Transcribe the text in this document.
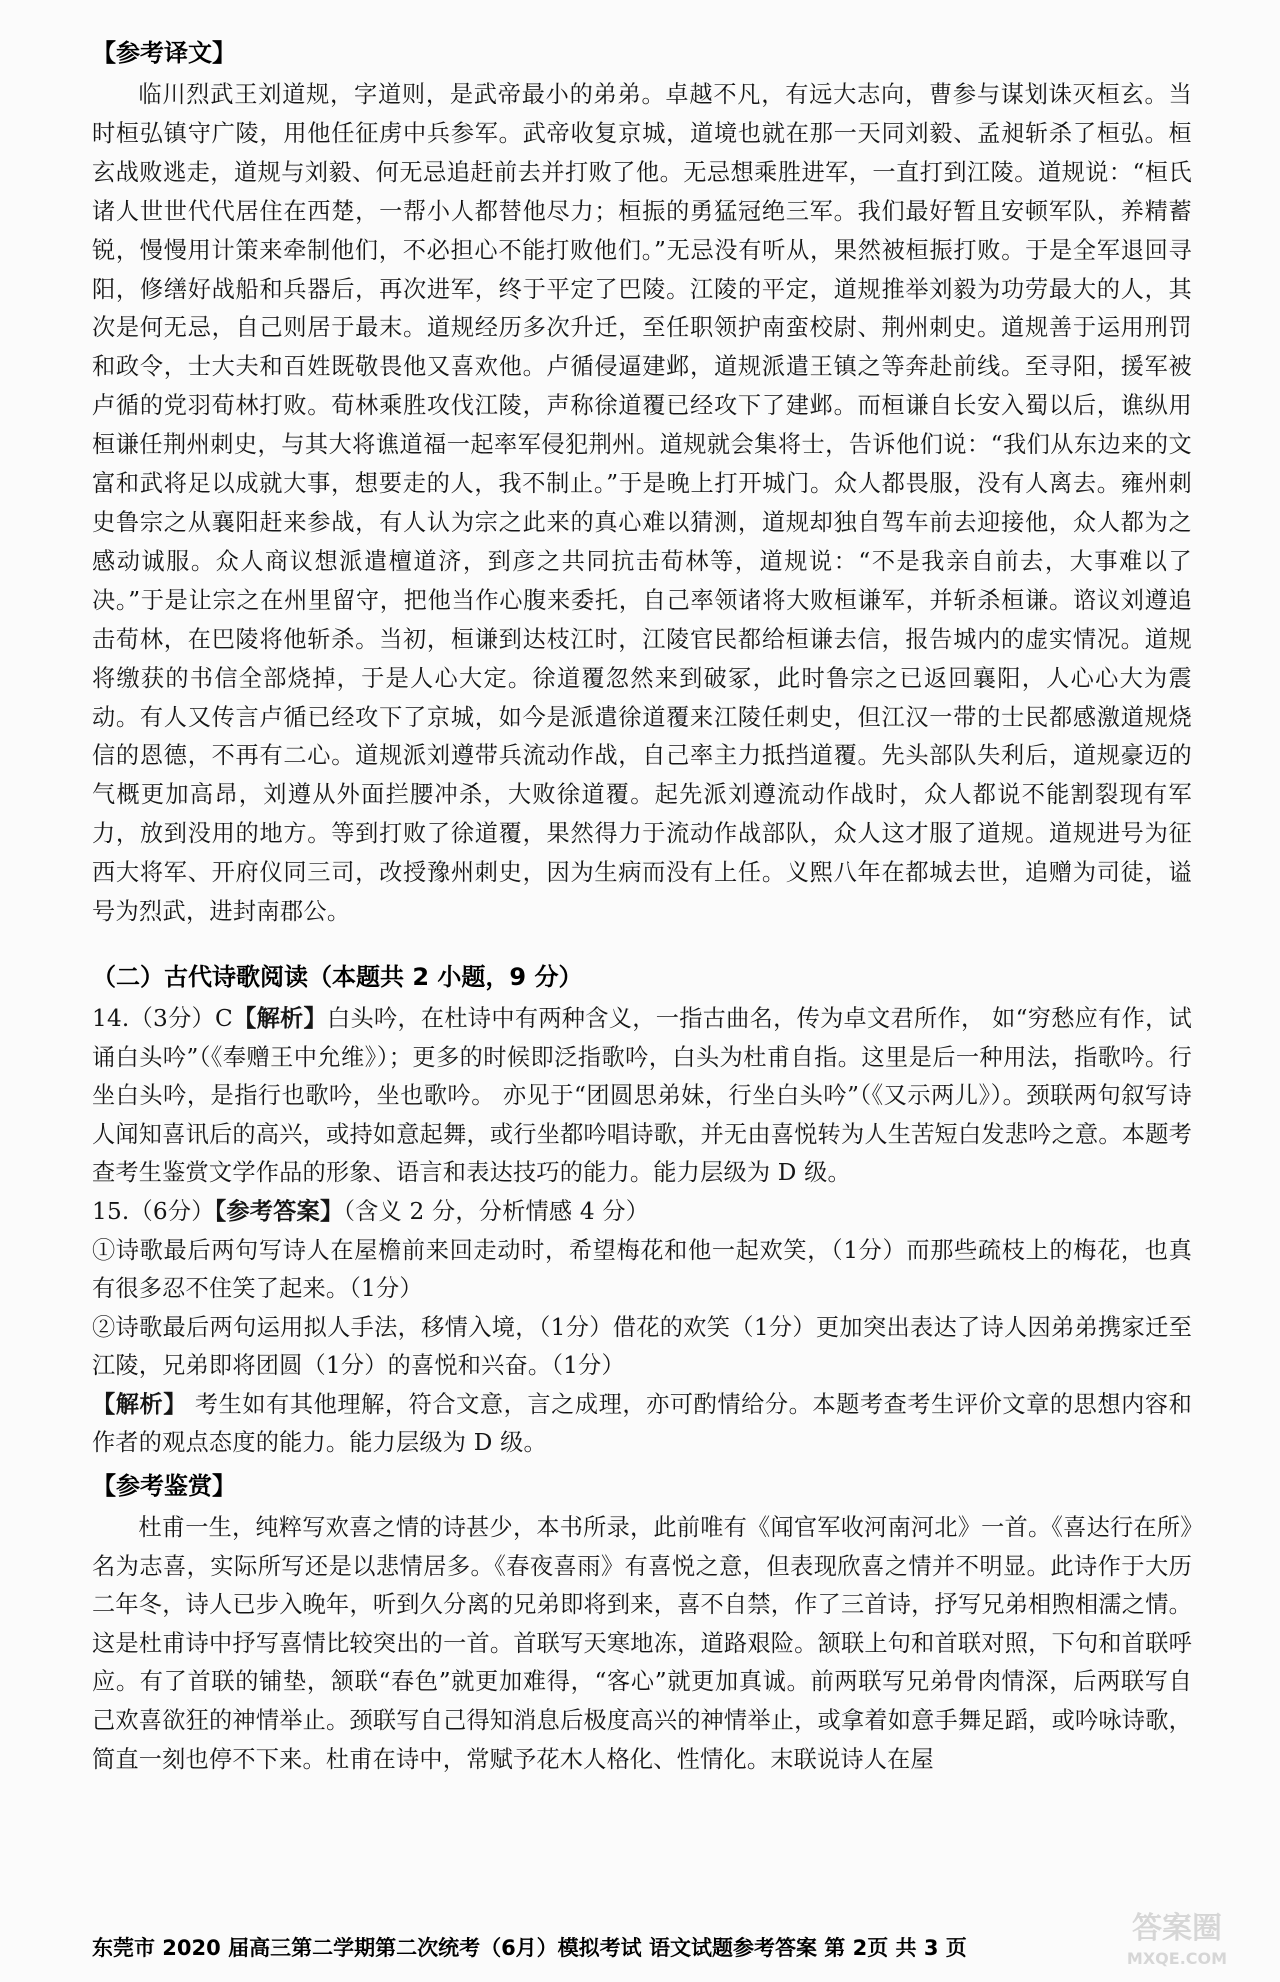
【参考译文】

临川烈武王刘道规，字道则，是武帝最小的弟弟。卓越不凡，有远大志向，曹参与谋划诛灭桓玄。当时桓弘镇守广陵，用他任征虏中兵参军。武帝收复京城，道境也就在那一天同刘毅、孟昶斩杀了桓弘。桓玄战败逃走，道规与刘毅、何无忌追赶前去并打败了他。无忌想乘胜进军，一直打到江陵。道规说：“桓氏诸人世世代代居住在西楚，一帮小人都替他尽力；桓振的勇猛冠绝三军。我们最好暂且安顿军队，养精蓄锐，慢慢用计策来牵制他们，不必担心不能打败他们。”无忌没有听从，果然被桓振打败。于是全军退回寻阳，修缮好战船和兵器后，再次进军，终于平定了巴陵。江陵的平定，道规推举刘毅为功劳最大的人，其次是何无忌，自己则居于最末。道规经历多次升迁，至任职领护南蛮校尉、荆州刺史。道规善于运用刑罚和政令，士大夫和百姓既敬畏他又喜欢他。卢循侵逼建邺，道规派遣王镇之等奔赴前线。至寻阳，援军被卢循的党羽荀林打败。荀林乘胜攻伐江陵，声称徐道覆已经攻下了建邺。而桓谦自长安入蜀以后，谯纵用桓谦任荆州刺史，与其大将谯道福一起率军侵犯荆州。道规就会集将士，告诉他们说：“我们从东边来的文富和武将足以成就大事，想要走的人，我不制止。”于是晚上打开城门。众人都畏服，没有人离去。雍州刺史鲁宗之从襄阳赶来参战，有人认为宗之此来的真心难以猜测，道规却独自驾车前去迎接他，众人都为之感动诚服。众人商议想派遣檀道济，到彦之共同抗击荀林等，道规说：“不是我亲自前去，大事难以了决。”于是让宗之在州里留守，把他当作心腹来委托，自己率领诸将大败桓谦军，并斩杀桓谦。谘议刘遵追击荀林，在巴陵将他斩杀。当初，桓谦到达枝江时，江陵官民都给桓谦去信，报告城内的虚实情况。道规将缴获的书信全部烧掉，于是人心大定。徐道覆忽然来到破冢，此时鲁宗之已返回襄阳，人心心大为震动。有人又传言卢循已经攻下了京城，如今是派遣徐道覆来江陵任刺史，但江汉一带的士民都感激道规烧信的恩德，不再有二心。道规派刘遵带兵流动作战，自己率主力抵挡道覆。先头部队失利后，道规豪迈的气概更加高昂，刘遵从外面拦腰冲杀，大败徐道覆。起先派刘遵流动作战时，众人都说不能割裂现有军力，放到没用的地方。等到打败了徐道覆，果然得力于流动作战部队，众人这才服了道规。道规进号为征西大将军、开府仪同三司，改授豫州刺史，因为生病而没有上任。义熙八年在都城去世，追赠为司徒，谥号为烈武，进封南郡公。

（二）古代诗歌阅读（本题共 2 小题，9 分）

14.（3分）C【解析】白头吟，在杜诗中有两种含义，一指古曲名，传为卓文君所作， 如“穷愁应有作，试诵白头吟”（《奉赠王中允维》）；更多的时候即泛指歌吟，白头为杜甫自指。这里是后一种用法，指歌吟。行坐白头吟，是指行也歌吟，坐也歌吟。 亦见于“团圆思弟妹，行坐白头吟”（《又示两儿》）。颈联两句叙写诗人闻知喜讯后的高兴，或持如意起舞，或行坐都吟唱诗歌，并无由喜悦转为人生苦短白发悲吟之意。本题考查考生鉴赏文学作品的形象、语言和表达技巧的能力。能力层级为 D 级。

15.（6分）【参考答案】（含义 2 分，分析情感 4 分）

①诗歌最后两句写诗人在屋檐前来回走动时，希望梅花和他一起欢笑，（1分）而那些疏枝上的梅花，也真有很多忍不住笑了起来。（1分）

②诗歌最后两句运用拟人手法，移情入境，（1分）借花的欢笑（1分）更加突出表达了诗人因弟弟携家迁至江陵，兄弟即将团圆（1分）的喜悦和兴奋。（1分）

【解析】 考生如有其他理解，符合文意，言之成理，亦可酌情给分。本题考查考生评价文章的思想内容和作者的观点态度的能力。能力层级为 D 级。

【参考鉴赏】

杜甫一生，纯粹写欢喜之情的诗甚少，本书所录，此前唯有《闻官军收河南河北》一首。《喜达行在所》名为志喜，实际所写还是以悲情居多。《春夜喜雨》有喜悦之意，但表现欣喜之情并不明显。此诗作于大历二年冬，诗人已步入晚年，听到久分离的兄弟即将到来，喜不自禁，作了三首诗，抒写兄弟相煦相濡之情。这是杜甫诗中抒写喜情比较突出的一首。首联写天寒地冻，道路艰险。颔联上句和首联对照，下句和首联呼应。有了首联的铺垫，颔联“春色”就更加难得，“客心”就更加真诚。前两联写兄弟骨肉情深，后两联写自己欢喜欲狂的神情举止。颈联写自己得知消息后极度高兴的神情举止，或拿着如意手舞足蹈，或吟咏诗歌，简直一刻也停不下来。杜甫在诗中，常赋予花木人格化、性情化。末联说诗人在屋

东莞市 2020 届高三第二学期第二次统考（6月）模拟考试 语文试题参考答案 第 2页 共 3 页
答案圈
MXQE.COM
